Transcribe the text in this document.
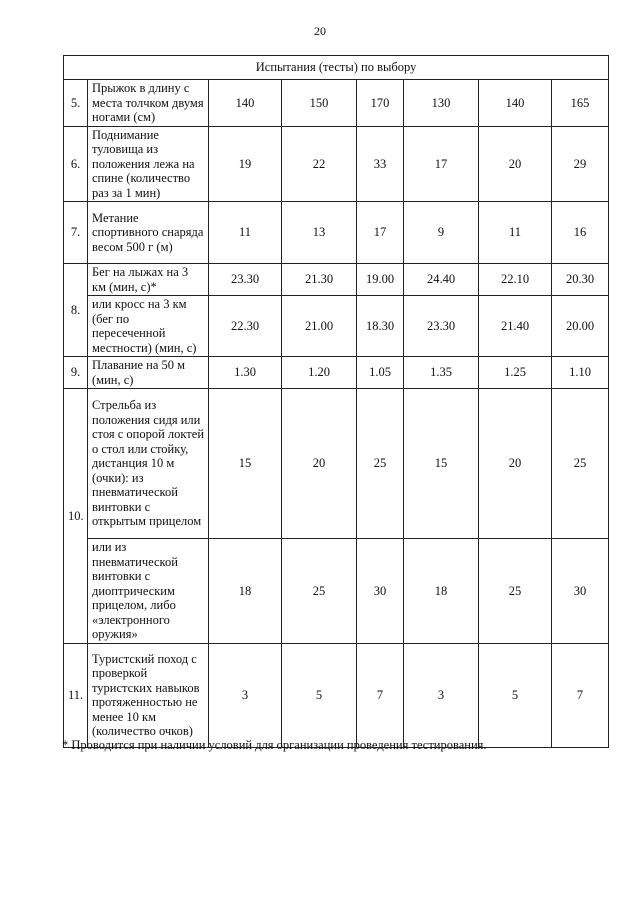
20
Испытания (тесты) по выбору							
5.	Прыжок в длину с места толчком двумя ногами (см)	140	150	170	130	140	165
6.	Поднимание туловища из положения лежа на спине (количество раз за 1 мин)	19	22	33	17	20	29
7.	Метание спортивного снаряда весом 500 г (м)	11	13	17	9	11	16
8.	Бег на лыжах на 3 км (мин, с)*	23.30	21.30	19.00	24.40	22.10	20.30
	или кросс на 3 км (бег по пересеченной местности) (мин, с)	22.30	21.00	18.30	23.30	21.40	20.00
9.	Плавание на 50 м (мин, с)	1.30	1.20	1.05	1.35	1.25	1.10
10.	Стрельба из положения сидя или стоя с опорой локтей о стол или стойку, дистанция 10 м (очки): из пневматической винтовки с открытым прицелом	15	20	25	15	20	25
	или из пневматической винтовки с диоптрическим прицелом, либо «электронного оружия»	18	25	30	18	25	30
11.	Туристский поход с проверкой туристских навыков протяженностью не менее 10 км (количество очков)	3	5	7	3	5	7
* Проводится при наличии условий для организации проведения тестирования.
